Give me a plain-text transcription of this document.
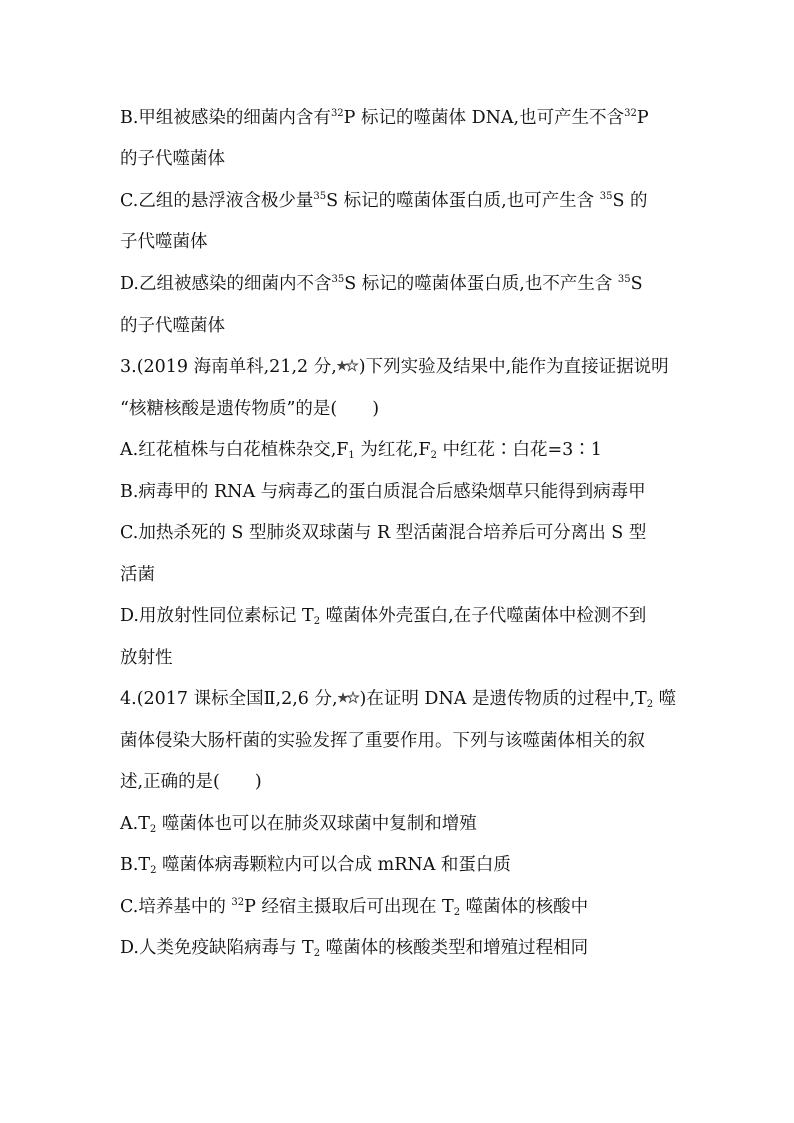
B.甲组被感染的细菌内含有$^{32}$P 标记的噬菌体 DNA,也可产生不含$^{32}$P
的子代噬菌体
C.乙组的悬浮液含极少量$^{35}$S 标记的噬菌体蛋白质,也可产生含 $^{35}$S 的
子代噬菌体
D.乙组被感染的细菌内不含$^{35}$S 标记的噬菌体蛋白质,也不产生含 $^{35}$S
的子代噬菌体
3.(2019 海南单科,21,2 分, )下列实验及结果中,能作为直接证据说明
“核糖核酸是遗传物质”的是(　　)
A.红花植株与白花植株杂交$,F_1$ 为红花$,F_2$ 中红花∶白花=3∶1
B.病毒甲的 RNA 与病毒乙的蛋白质混合后感染烟草只能得到病毒甲
C.加热杀死的 S 型肺炎双球菌与 R 型活菌混合培养后可分离出 S 型
活菌
D.用放射性同位素标记 $T_2$ 噬菌体外壳蛋白,在子代噬菌体中检测不到
放射性
4.(2017 课标全国Ⅱ,2,6 分, )在证明 DNA 是遗传物质的过程中$,T_2$ 噬
菌体侵染大肠杆菌的实验发挥了重要作用。下列与该噬菌体相关的叙
述,正确的是(　　)
$A.T_2$ 噬菌体也可以在肺炎双球菌中复制和增殖
$B.T_2$ 噬菌体病毒颗粒内可以合成 mRNA 和蛋白质
C.培养基中的 $^{32}$P 经宿主摄取后可出现在 $T_2$ 噬菌体的核酸中
D.人类免疫缺陷病毒与 $T_2$ 噬菌体的核酸类型和增殖过程相同
